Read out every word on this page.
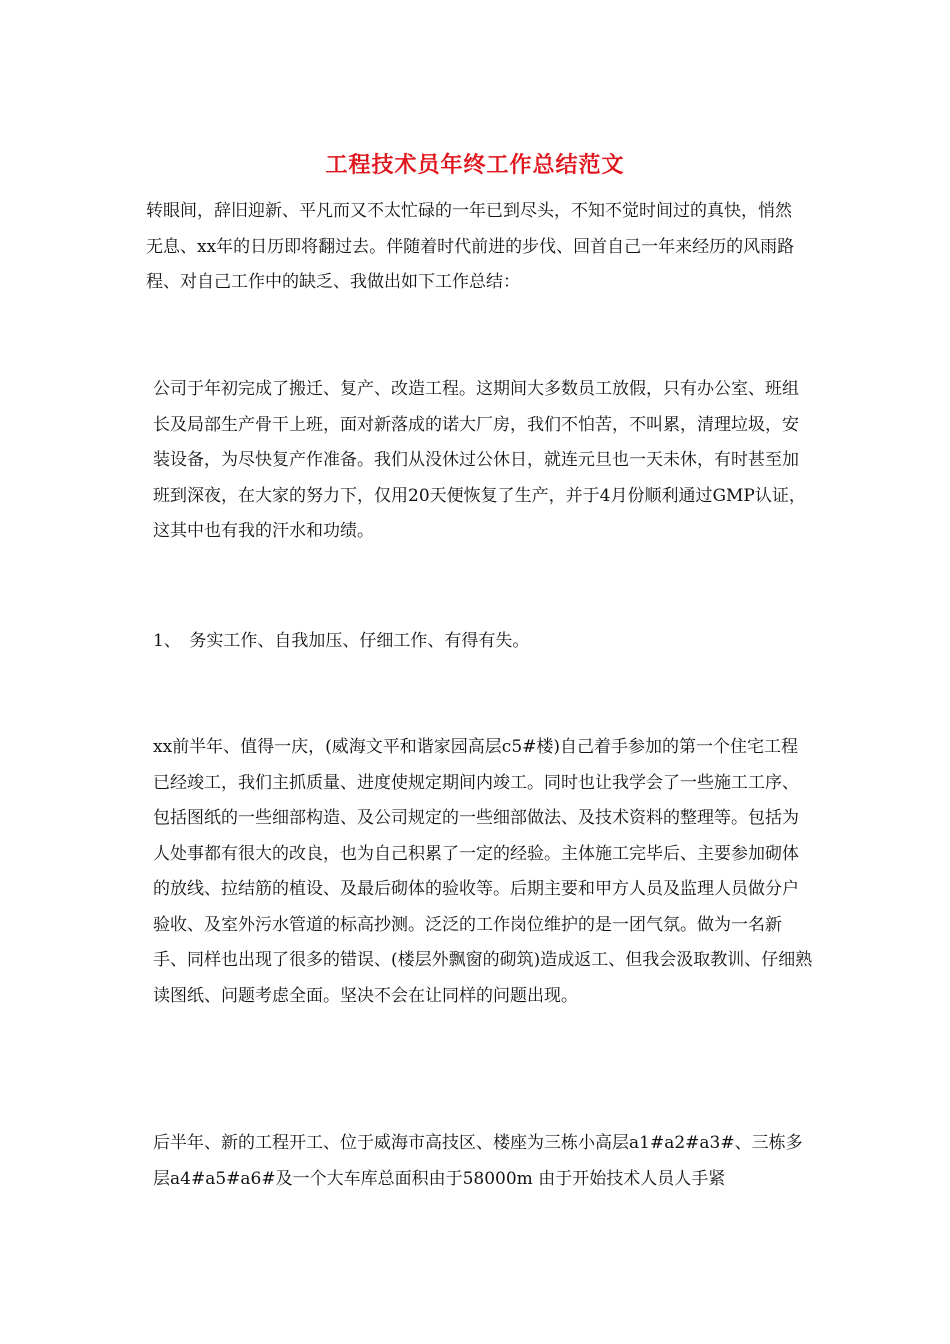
工程技术员年终工作总结范文

转眼间，辞旧迎新、平凡而又不太忙碌的一年已到尽头，不知不觉时间过的真快，悄然无息、xx年的日历即将翻过去。伴随着时代前进的步伐、回首自己一年来经历的风雨路程、对自己工作中的缺乏、我做出如下工作总结：

公司于年初完成了搬迁、复产、改造工程。这期间大多数员工放假，只有办公室、班组长及局部生产骨干上班，面对新落成的诺大厂房，我们不怕苦，不叫累，清理垃圾，安装设备，为尽快复产作准备。我们从没休过公休日，就连元旦也一天未休，有时甚至加班到深夜，在大家的努力下，仅用20天便恢复了生产，并于4月份顺利通过GMP认证，这其中也有我的汗水和功绩。

1、　务实工作、自我加压、仔细工作、有得有失。

xx前半年、值得一庆，(威海文平和谐家园高层c5#楼)自己着手参加的第一个住宅工程已经竣工，我们主抓质量、进度使规定期间内竣工。同时也让我学会了一些施工工序、包括图纸的一些细部构造、及公司规定的一些细部做法、及技术资料的整理等。包括为人处事都有很大的改良，也为自己积累了一定的经验。主体施工完毕后、主要参加砌体的放线、拉结筋的植设、及最后砌体的验收等。后期主要和甲方人员及监理人员做分户验收、及室外污水管道的标高抄测。泛泛的工作岗位维护的是一团气氛。做为一名新手、同样也出现了很多的错误、(楼层外飘窗的砌筑)造成返工、但我会汲取教训、仔细熟读图纸、问题考虑全面。坚决不会在让同样的问题出现。

后半年、新的工程开工、位于威海市高技区、楼座为三栋小高层a1#a2#a3#、三栋多层a4#a5#a6#及一个大车库总面积由于58000m 由于开始技术人员人手紧
